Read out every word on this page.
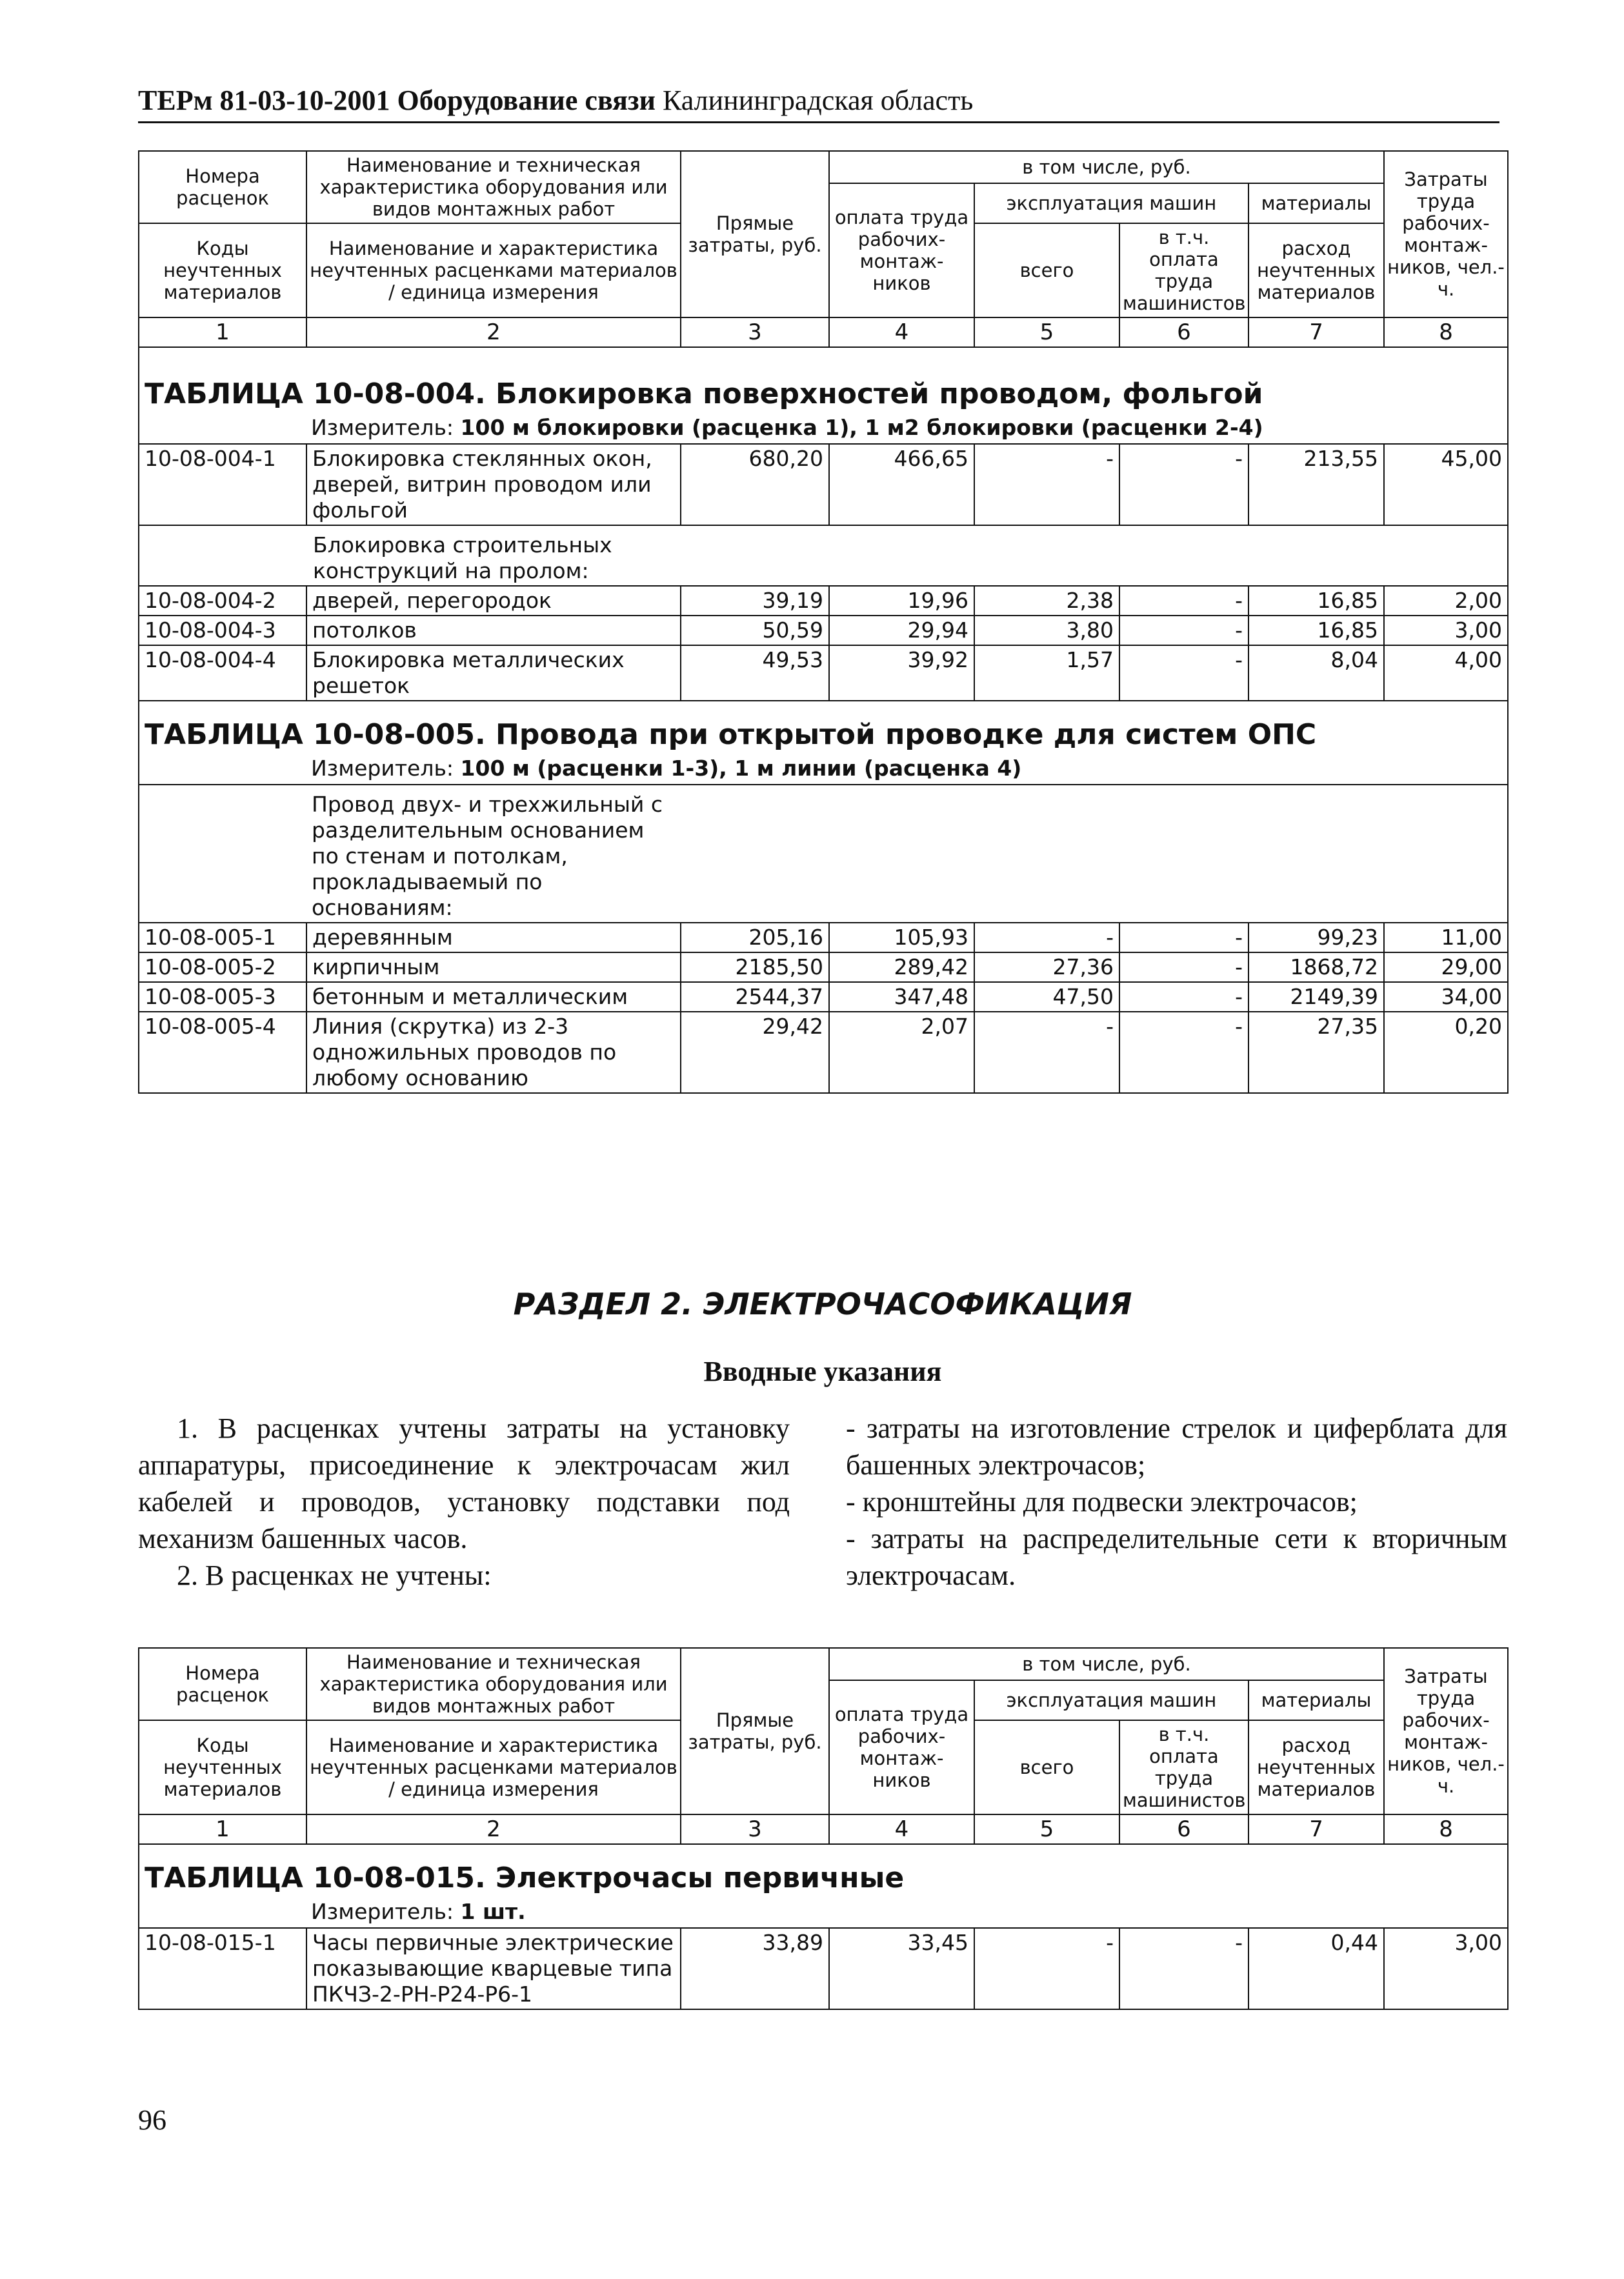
ТЕРм 81-03-10-2001 Оборудование связи Калининградская область
Номера расценок	Наименование и техническая характеристика оборудования или видов монтажных работ	Прямые затраты, руб.	в том числе, руб.				Затраты труда рабочих-монтаж-ников, чел.-ч.
			оплата труда рабочих-монтаж-ников	эксплуатация машин		материалы	
Коды неучтенных материалов	Наименование и характеристика неучтенных расценками материалов / единица измерения			всего	в т.ч. оплата труда машинистов	расход неучтенных материалов	

1	2	3	4	5	6	7	8

ТАБЛИЦА 10-08-004. Блокировка поверхностей проводом, фольгой
Измеритель: 100 м блокировки (расценка 1), 1 м2 блокировки (расценки 2-4)							

10-08-004-1	Блокировка стеклянных окон, дверей, витрин проводом или фольгой	680,20	466,65	-	-	213,55	45,00

	Блокировка строительных конструкций на пролом:						

10-08-004-2	дверей, перегородок	39,19	19,96	2,38	-	16,85	2,00
10-08-004-3	потолков	50,59	29,94	3,80	-	16,85	3,00
10-08-004-4	Блокировка металлических решеток	49,53	39,92	1,57	-	8,04	4,00

ТАБЛИЦА 10-08-005. Провода при открытой проводке для систем ОПС
Измеритель: 100 м (расценки 1-3), 1 м линии (расценка 4)							

	Провод двух- и трехжильный с разделительным основанием по стенам и потолкам, прокладываемый по основаниям:						

10-08-005-1	деревянным	205,16	105,93	-	-	99,23	11,00
10-08-005-2	кирпичным	2185,50	289,42	27,36	-	1868,72	29,00
10-08-005-3	бетонным и металлическим	2544,37	347,48	47,50	-	2149,39	34,00
10-08-005-4	Линия (скрутка) из 2-3 одножильных проводов по любому основанию	29,42	2,07	-	-	27,35	0,20
РАЗДЕЛ 2. ЭЛЕКТРОЧАСОФИКАЦИЯ
Вводные указания

1. В расценках учтены затраты на установку аппаратуры, присоединение к электрочасам жил кабелей и проводов, установку подставки под механизм башенных часов.

2. В расценках не учтены:

- затраты на изготовление стрелок и циферблата для башенных электрочасов;

- кронштейны для подвески электрочасов;

- затраты на распределительные сети к вторичным электрочасам.

Номера расценок	Наименование и техническая характеристика оборудования или видов монтажных работ	Прямые затраты, руб.	в том числе, руб.				Затраты труда рабочих-монтаж-ников, чел.-ч.
			оплата труда рабочих-монтаж-ников	эксплуатация машин		материалы	
Коды неучтенных материалов	Наименование и характеристика неучтенных расценками материалов / единица измерения			всего	в т.ч. оплата труда машинистов	расход неучтенных материалов	

1	2	3	4	5	6	7	8

ТАБЛИЦА 10-08-015. Электрочасы первичные
Измеритель: 1 шт.							

10-08-015-1	Часы первичные электрические показывающие кварцевые типа ПКЧЗ-2-РН-Р24-Р6-1	33,89	33,45	-	-	0,44	3,00
96
